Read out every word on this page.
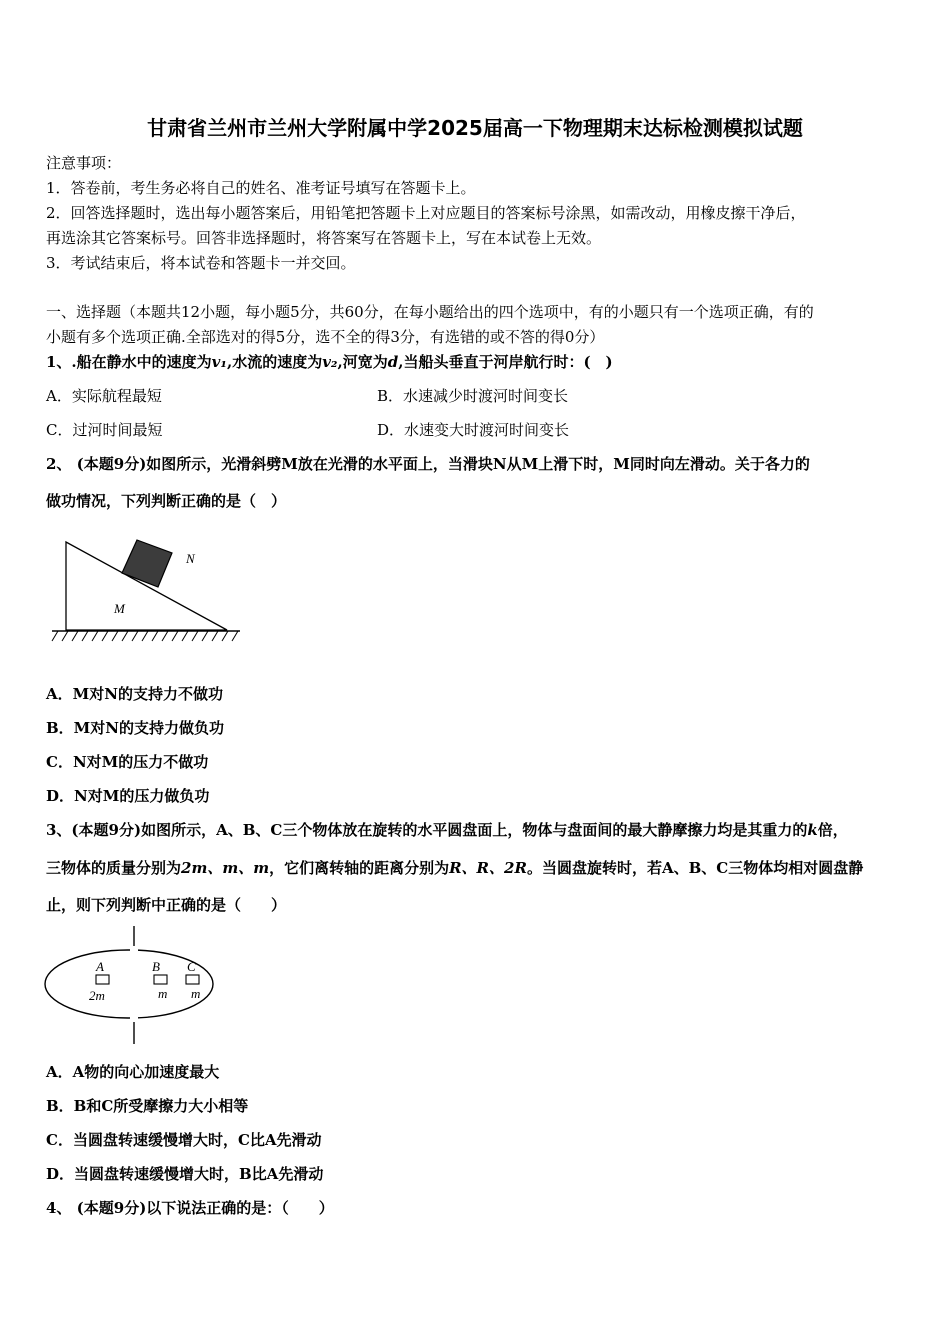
甘肃省兰州市兰州大学附属中学2025届高一下物理期末达标检测模拟试题
注意事项：
1．答卷前，考生务必将自己的姓名、准考证号填写在答题卡上。
2．回答选择题时，选出每小题答案后，用铅笔把答题卡上对应题目的答案标号涂黑，如需改动，用橡皮擦干净后，
再选涂其它答案标号。回答非选择题时，将答案写在答题卡上，写在本试卷上无效。
3．考试结束后，将本试卷和答题卡一并交回。
一、选择题（本题共12小题，每小题5分，共60分，在每小题给出的四个选项中，有的小题只有一个选项正确，有的
小题有多个选项正确.全部选对的得5分，选不全的得3分，有选错的或不答的得0分）
1、.船在静水中的速度为v₁,水流的速度为v₂,河宽为d,当船头垂直于河岸航行时：(　)
A．实际航程最短	B．水速减少时渡河时间变长
C．过河时间最短	D．水速变大时渡河时间变长
2、 (本题9分)如图所示，光滑斜劈M放在光滑的水平面上，当滑块N从M上滑下时，M同时向左滑动。关于各力的
做功情况，下列判断正确的是（　）
N
M
A．M对N的支持力不做功
B．M对N的支持力做负功
C．N对M的压力不做功
D．N对M的压力做负功
3、(本题9分)如图所示，A、B、C三个物体放在旋转的水平圆盘面上，物体与盘面间的最大静摩擦力均是其重力的k倍，
三物体的质量分别为2m、m、m，它们离转轴的距离分别为R、R、2R。当圆盘旋转时，若A、B、C三物体均相对圆盘静
止，则下列判断中正确的是（　　）
A	B C
2m	m m
A．A物的向心加速度最大
B．B和C所受摩擦力大小相等
C．当圆盘转速缓慢增大时，C比A先滑动
D．当圆盘转速缓慢增大时，B比A先滑动
4、 (本题9分)以下说法正确的是：（　　）
